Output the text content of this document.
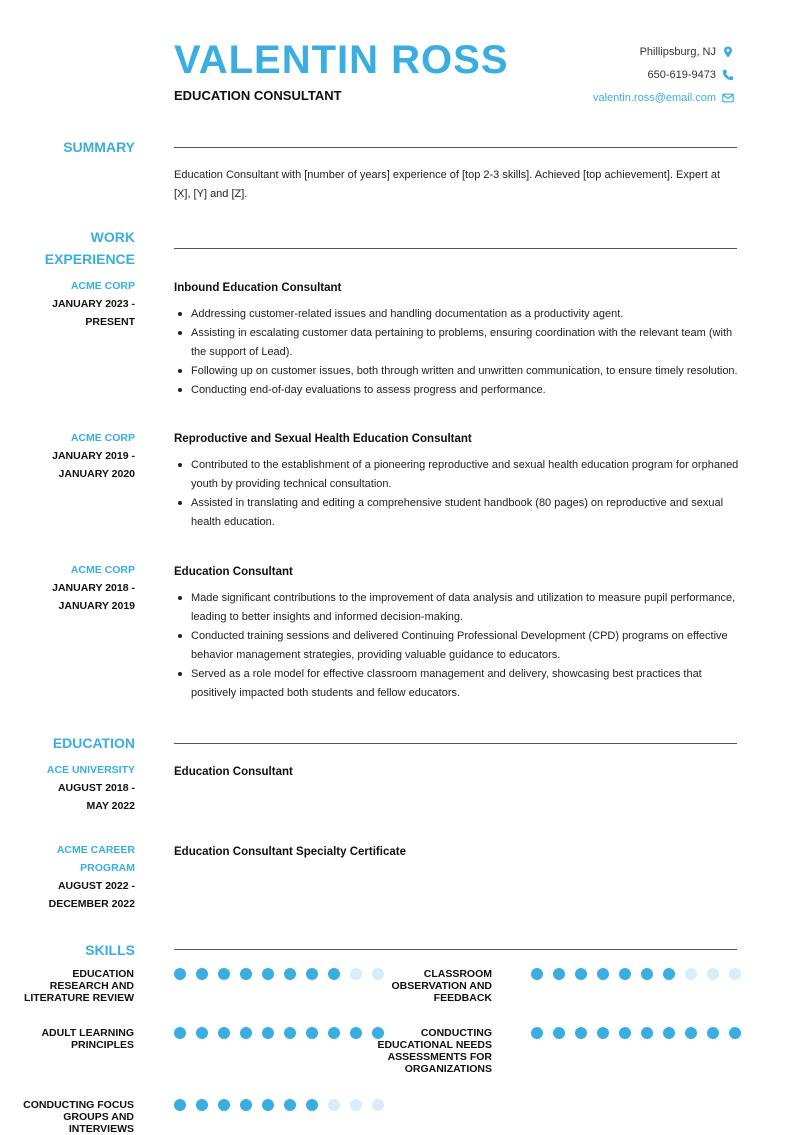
VALENTIN ROSS
EDUCATION CONSULTANT
Phillipsburg, NJ
650-619-9473
valentin.ross@email.com
SUMMARY
Education Consultant with [number of years] experience of [top 2-3 skills]. Achieved [top achievement]. Expert at [X], [Y] and [Z].
WORK
EXPERIENCE
ACME CORP
JANUARY 2023 -
PRESENT
Inbound Education Consultant
Addressing customer-related issues and handling documentation as a productivity agent.
Assisting in escalating customer data pertaining to problems, ensuring coordination with the relevant team (with the support of Lead).
Following up on customer issues, both through written and unwritten communication, to ensure timely resolution.
Conducting end-of-day evaluations to assess progress and performance.
ACME CORP
JANUARY 2019 -
JANUARY 2020
Reproductive and Sexual Health Education Consultant
Contributed to the establishment of a pioneering reproductive and sexual health education program for orphaned youth by providing technical consultation.
Assisted in translating and editing a comprehensive student handbook (80 pages) on reproductive and sexual health education.
ACME CORP
JANUARY 2018 -
JANUARY 2019
Education Consultant
Made significant contributions to the improvement of data analysis and utilization to measure pupil performance, leading to better insights and informed decision-making.
Conducted training sessions and delivered Continuing Professional Development (CPD) programs on effective behavior management strategies, providing valuable guidance to educators.
Served as a role model for effective classroom management and delivery, showcasing best practices that positively impacted both students and fellow educators.
EDUCATION
ACE UNIVERSITY
AUGUST 2018 -
MAY 2022
Education Consultant
ACME CAREER
PROGRAM
AUGUST 2022 -
DECEMBER 2022
Education Consultant Specialty Certificate
SKILLS
EDUCATION
RESEARCH AND
LITERATURE REVIEW
CLASSROOM
OBSERVATION AND
FEEDBACK
ADULT LEARNING
PRINCIPLES
CONDUCTING
EDUCATIONAL NEEDS
ASSESSMENTS FOR
ORGANIZATIONS
CONDUCTING FOCUS
GROUPS AND
INTERVIEWS
